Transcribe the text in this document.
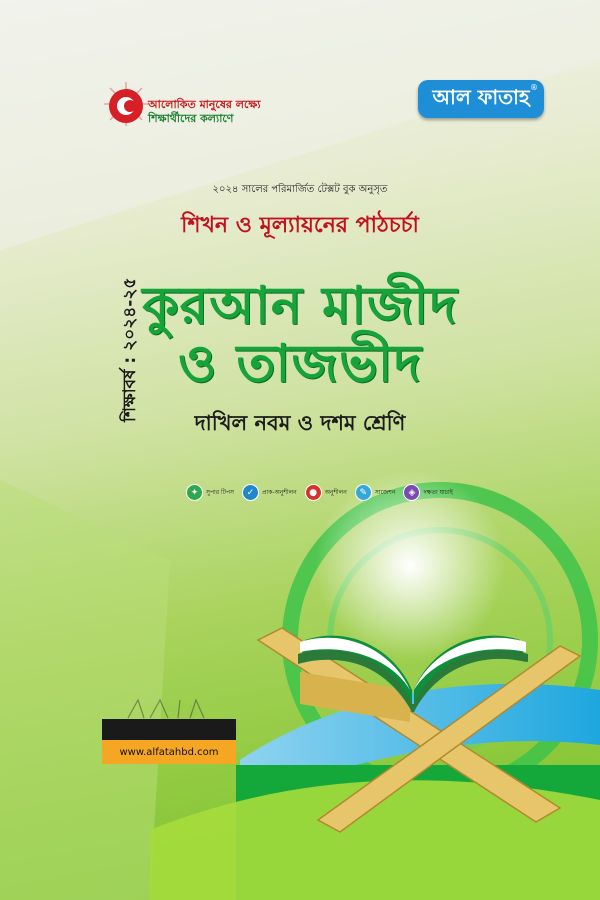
আলোকিত মানুষের লক্ষ্যে
শিক্ষার্থীদের কল্যাণে
আল ফাতাহ ®
২০২৪ সালের পরিমার্জিত টেক্সট বুক অনুসৃত
শিখন ও মূল্যায়নের পাঠচর্চা
কুরআন মাজীদ
ও তাজভীদ
শিক্ষাবর্ষ : ২০২৪-২৫
দাখিল নবম ও দশম শ্রেণি
✦	সুপার টিপস	✓	প্রাক-অনুশীলন	●	অনুশীলন	✎	সাজেশন	◈	দক্ষতা যাচাই
www.alfatahbd.com
